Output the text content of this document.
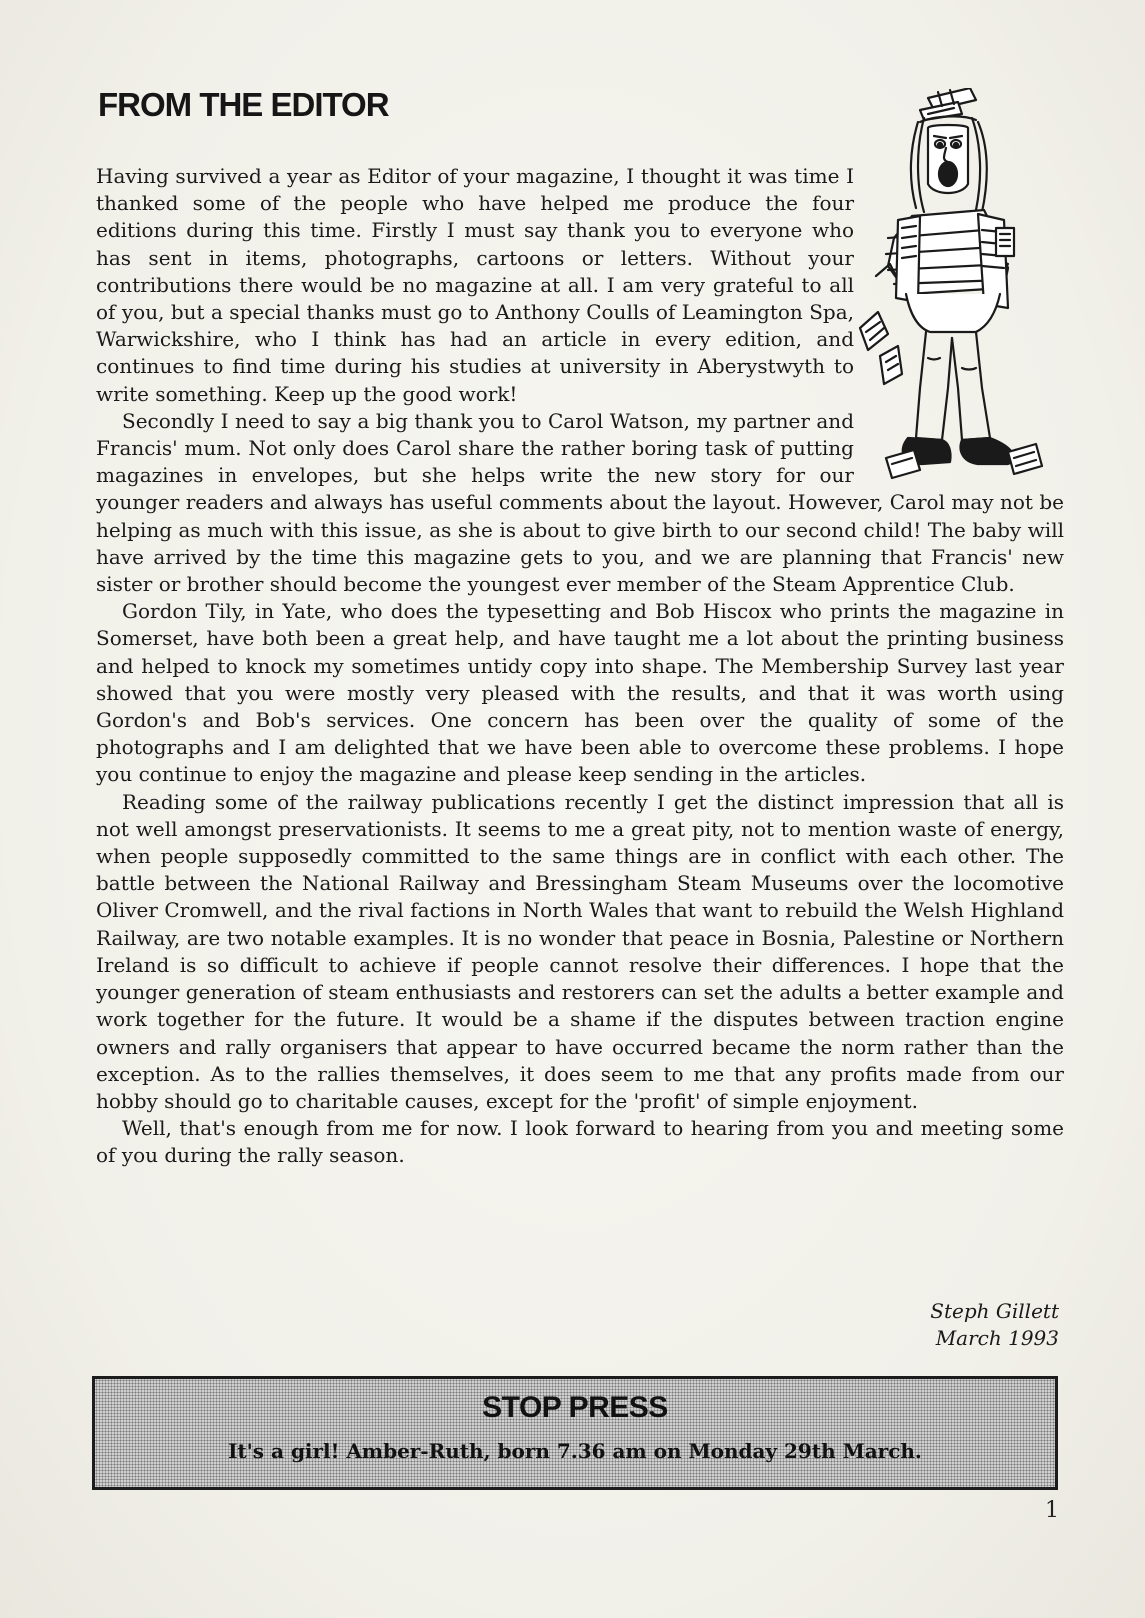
FROM THE EDITOR

Having survived a year as Editor of your magazine, I thought it was time I thanked some of the people who have helped me produce the four editions during this time. Firstly I must say thank you to everyone who has sent in items, photographs, cartoons or letters. Without your contributions there would be no magazine at all. I am very grateful to all of you, but a special thanks must go to Anthony Coulls of Leamington Spa, Warwickshire, who I think has had an article in every edition, and continues to find time during his studies at university in Aberystwyth to write something. Keep up the good work!

Secondly I need to say a big thank you to Carol Watson, my partner and Francis' mum. Not only does Carol share the rather boring task of putting magazines in envelopes, but she helps write the new story for our younger readers and always has useful comments about the layout. However, Carol may not be helping as much with this issue, as she is about to give birth to our second child! The baby will have arrived by the time this magazine gets to you, and we are planning that Francis' new sister or brother should become the youngest ever member of the Steam Apprentice Club.

Gordon Tily, in Yate, who does the typesetting and Bob Hiscox who prints the magazine in Somerset, have both been a great help, and have taught me a lot about the printing business and helped to knock my sometimes untidy copy into shape. The Membership Survey last year showed that you were mostly very pleased with the results, and that it was worth using Gordon's and Bob's services. One concern has been over the quality of some of the photographs and I am delighted that we have been able to overcome these problems. I hope you continue to enjoy the magazine and please keep sending in the articles.

Reading some of the railway publications recently I get the distinct impression that all is not well amongst preservationists. It seems to me a great pity, not to mention waste of energy, when people supposedly committed to the same things are in conflict with each other. The battle between the National Railway and Bressingham Steam Museums over the locomotive Oliver Cromwell, and the rival factions in North Wales that want to rebuild the Welsh Highland Railway, are two notable examples. It is no wonder that peace in Bosnia, Palestine or Northern Ireland is so difficult to achieve if people cannot resolve their differences. I hope that the younger generation of steam enthusiasts and restorers can set the adults a better example and work together for the future. It would be a shame if the disputes between traction engine owners and rally organisers that appear to have occurred became the norm rather than the exception. As to the rallies themselves, it does seem to me that any profits made from our hobby should go to charitable causes, except for the 'profit' of simple enjoyment.

Well, that's enough from me for now. I look forward to hearing from you and meeting some of you during the rally season.

Steph Gillett
March 1993
STOP PRESS
It's a girl! Amber-Ruth, born 7.36 am on Monday 29th March.
1
